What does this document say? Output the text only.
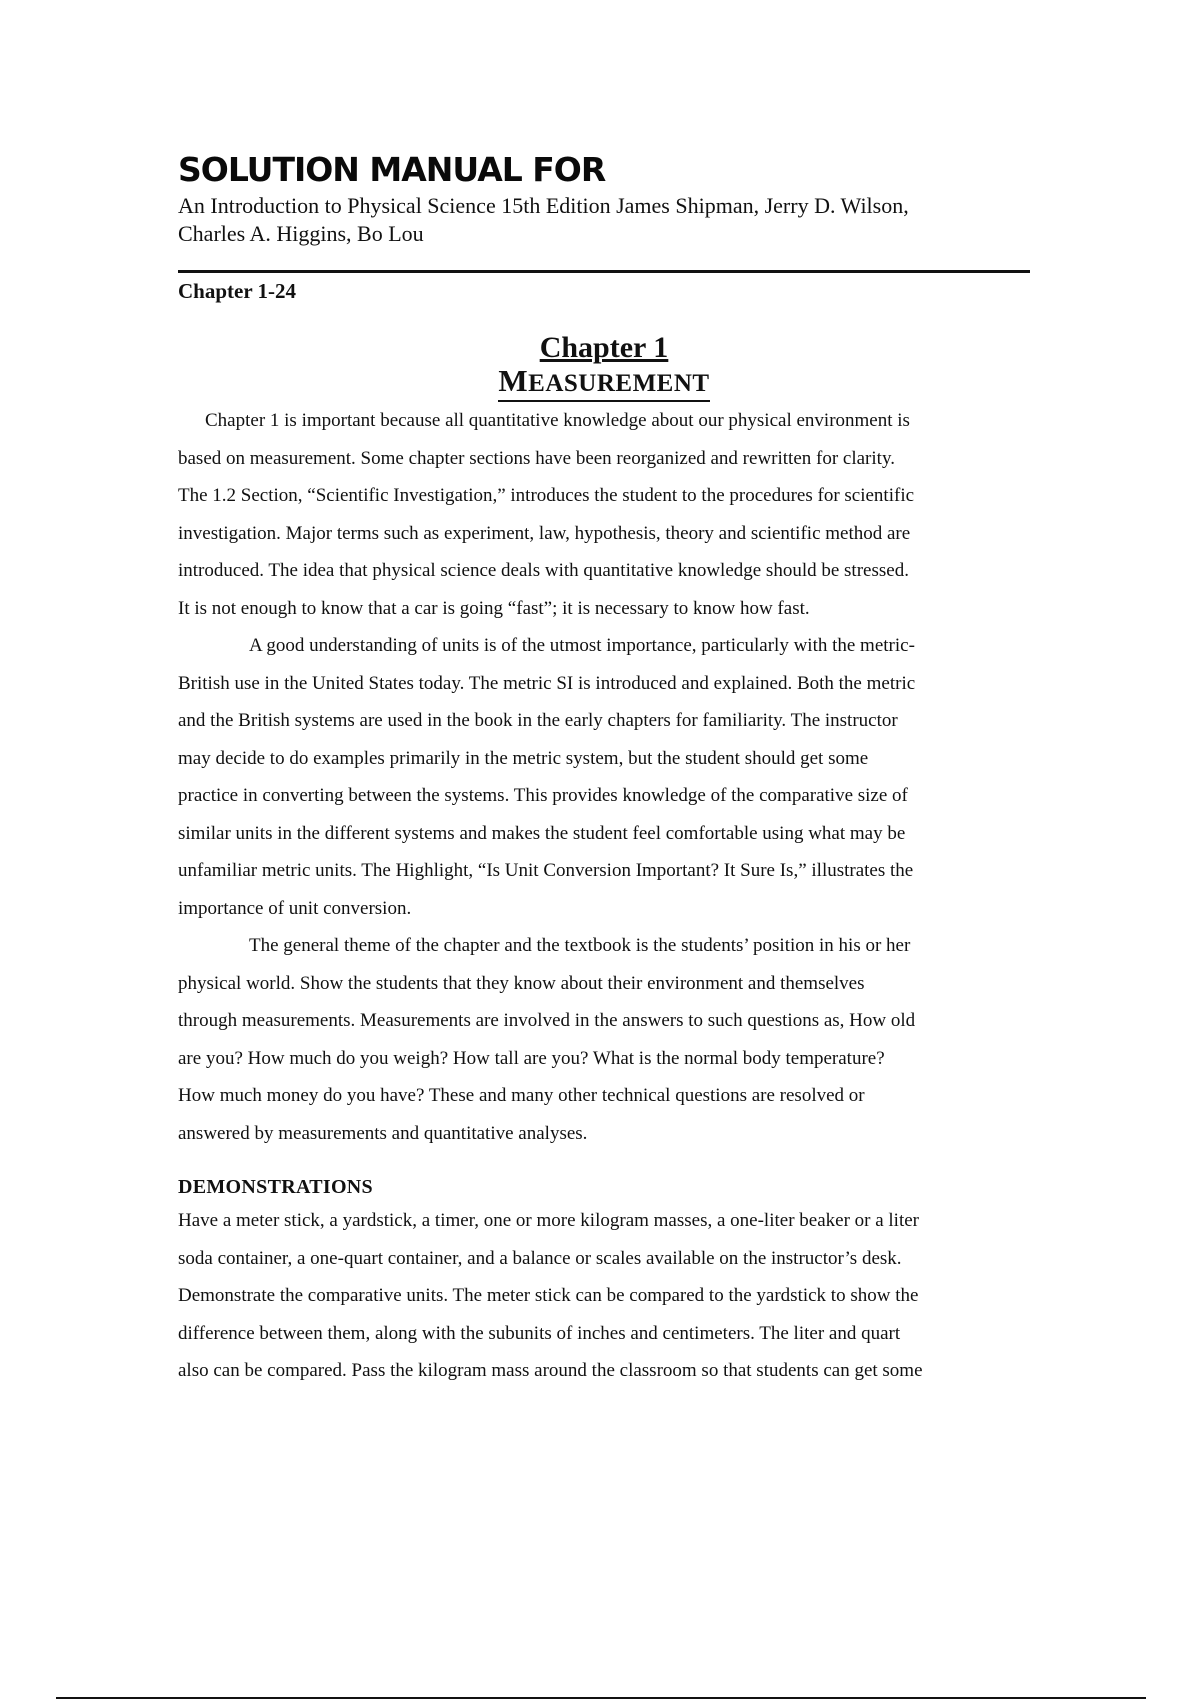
SOLUTION MANUAL FOR
An Introduction to Physical Science 15th Edition James Shipman, Jerry D. Wilson,
Charles A. Higgins, Bo Lou
Chapter 1-24
Chapter 1
MEASUREMENT
Chapter 1 is important because all quantitative knowledge about our physical environment is
based on measurement. Some chapter sections have been reorganized and rewritten for clarity.
The 1.2 Section, “Scientific Investigation,” introduces the student to the procedures for scientific
investigation. Major terms such as experiment, law, hypothesis, theory and scientific method are
introduced. The idea that physical science deals with quantitative knowledge should be stressed.
It is not enough to know that a car is going “fast”; it is necessary to know how fast.
A good understanding of units is of the utmost importance, particularly with the metric-
British use in the United States today. The metric SI is introduced and explained. Both the metric
and the British systems are used in the book in the early chapters for familiarity. The instructor
may decide to do examples primarily in the metric system, but the student should get some
practice in converting between the systems. This provides knowledge of the comparative size of
similar units in the different systems and makes the student feel comfortable using what may be
unfamiliar metric units. The Highlight, “Is Unit Conversion Important? It Sure Is,” illustrates the
importance of unit conversion.
The general theme of the chapter and the textbook is the students’ position in his or her
physical world. Show the students that they know about their environment and themselves
through measurements. Measurements are involved in the answers to such questions as, How old
are you? How much do you weigh? How tall are you? What is the normal body temperature?
How much money do you have? These and many other technical questions are resolved or
answered by measurements and quantitative analyses.
DEMONSTRATIONS
Have a meter stick, a yardstick, a timer, one or more kilogram masses, a one-liter beaker or a liter
soda container, a one-quart container, and a balance or scales available on the instructor’s desk.
Demonstrate the comparative units. The meter stick can be compared to the yardstick to show the
difference between them, along with the subunits of inches and centimeters. The liter and quart
also can be compared. Pass the kilogram mass around the classroom so that students can get some
